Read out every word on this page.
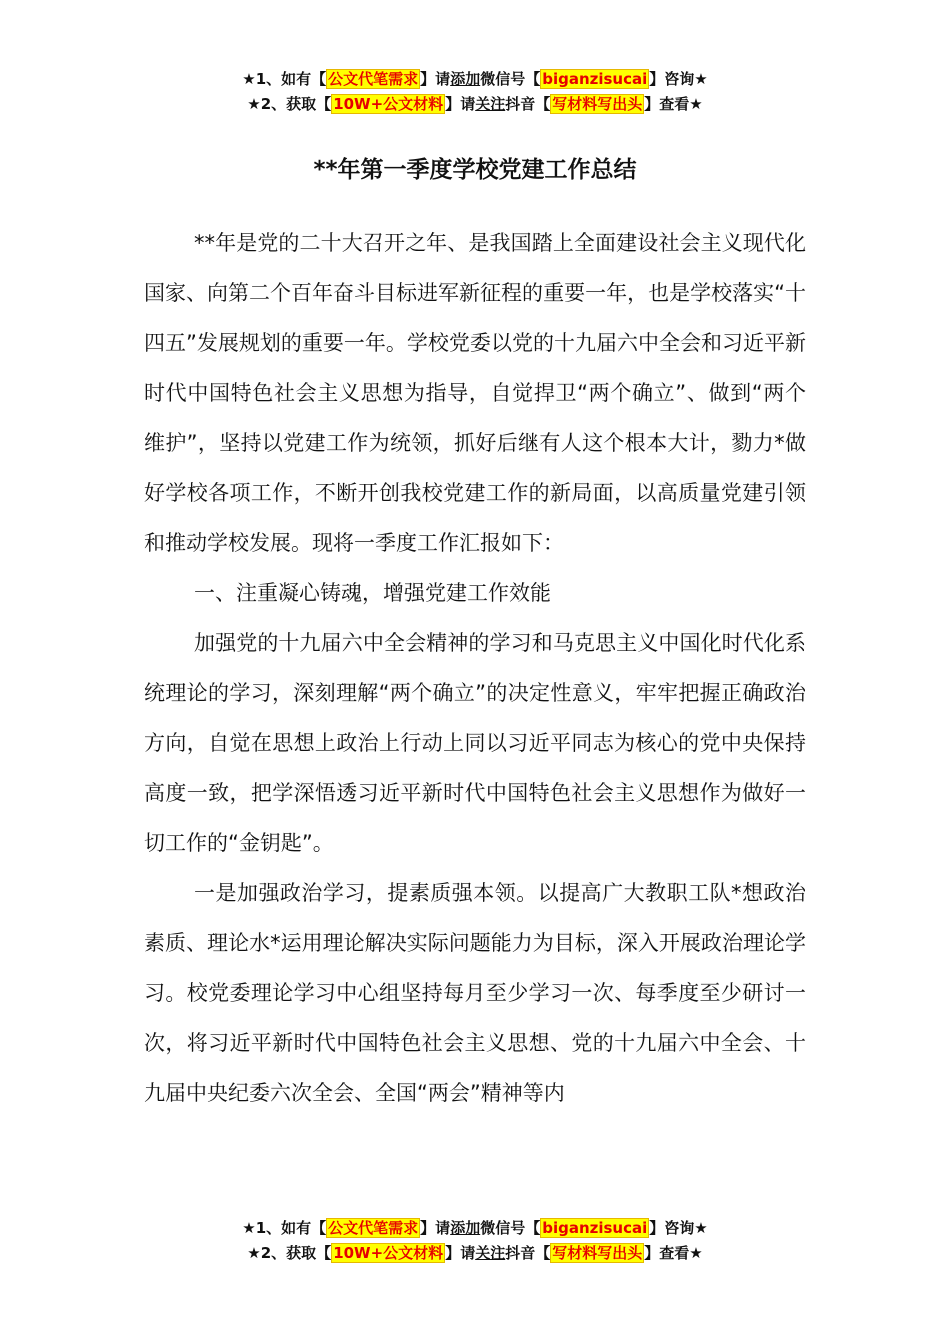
★1、如有【 公文代笔需求 】请添加微信号【 biganzisucai 】咨询★
★2、获取【 10W+公文材料 】请关注抖音【 写材料写出头 】查看★
**年第一季度学校党建工作总结

**年是党的二十大召开之年、是我国踏上全面建设社会主义现代化国家、向第二个百年奋斗目标进军新征程的重要一年，也是学校落实“十四五”发展规划的重要一年。学校党委以党的十九届六中全会和习近平新时代中国特色社会主义思想为指导，自觉捍卫“两个确立”、做到“两个维护”，坚持以党建工作为统领，抓好后继有人这个根本大计，勠力*做好学校各项工作，不断开创我校党建工作的新局面，以高质量党建引领和推动学校发展。现将一季度工作汇报如下：

一、注重凝心铸魂，增强党建工作效能

加强党的十九届六中全会精神的学习和马克思主义中国化时代化系统理论的学习，深刻理解“两个确立”的决定性意义，牢牢把握正确政治方向，自觉在思想上政治上行动上同以习近平同志为核心的党中央保持高度一致，把学深悟透习近平新时代中国特色社会主义思想作为做好一切工作的“金钥匙”。

一是加强政治学习，提素质强本领。以提高广大教职工队*想政治素质、理论水*运用理论解决实际问题能力为目标，深入开展政治理论学习。校党委理论学习中心组坚持每月至少学习一次、每季度至少研讨一次，将习近平新时代中国特色社会主义思想、党的十九届六中全会、十九届中央纪委六次全会、全国“两会”精神等内

★1、如有【 公文代笔需求 】请添加微信号【 biganzisucai 】咨询★
★2、获取【 10W+公文材料 】请关注抖音【 写材料写出头 】查看★
